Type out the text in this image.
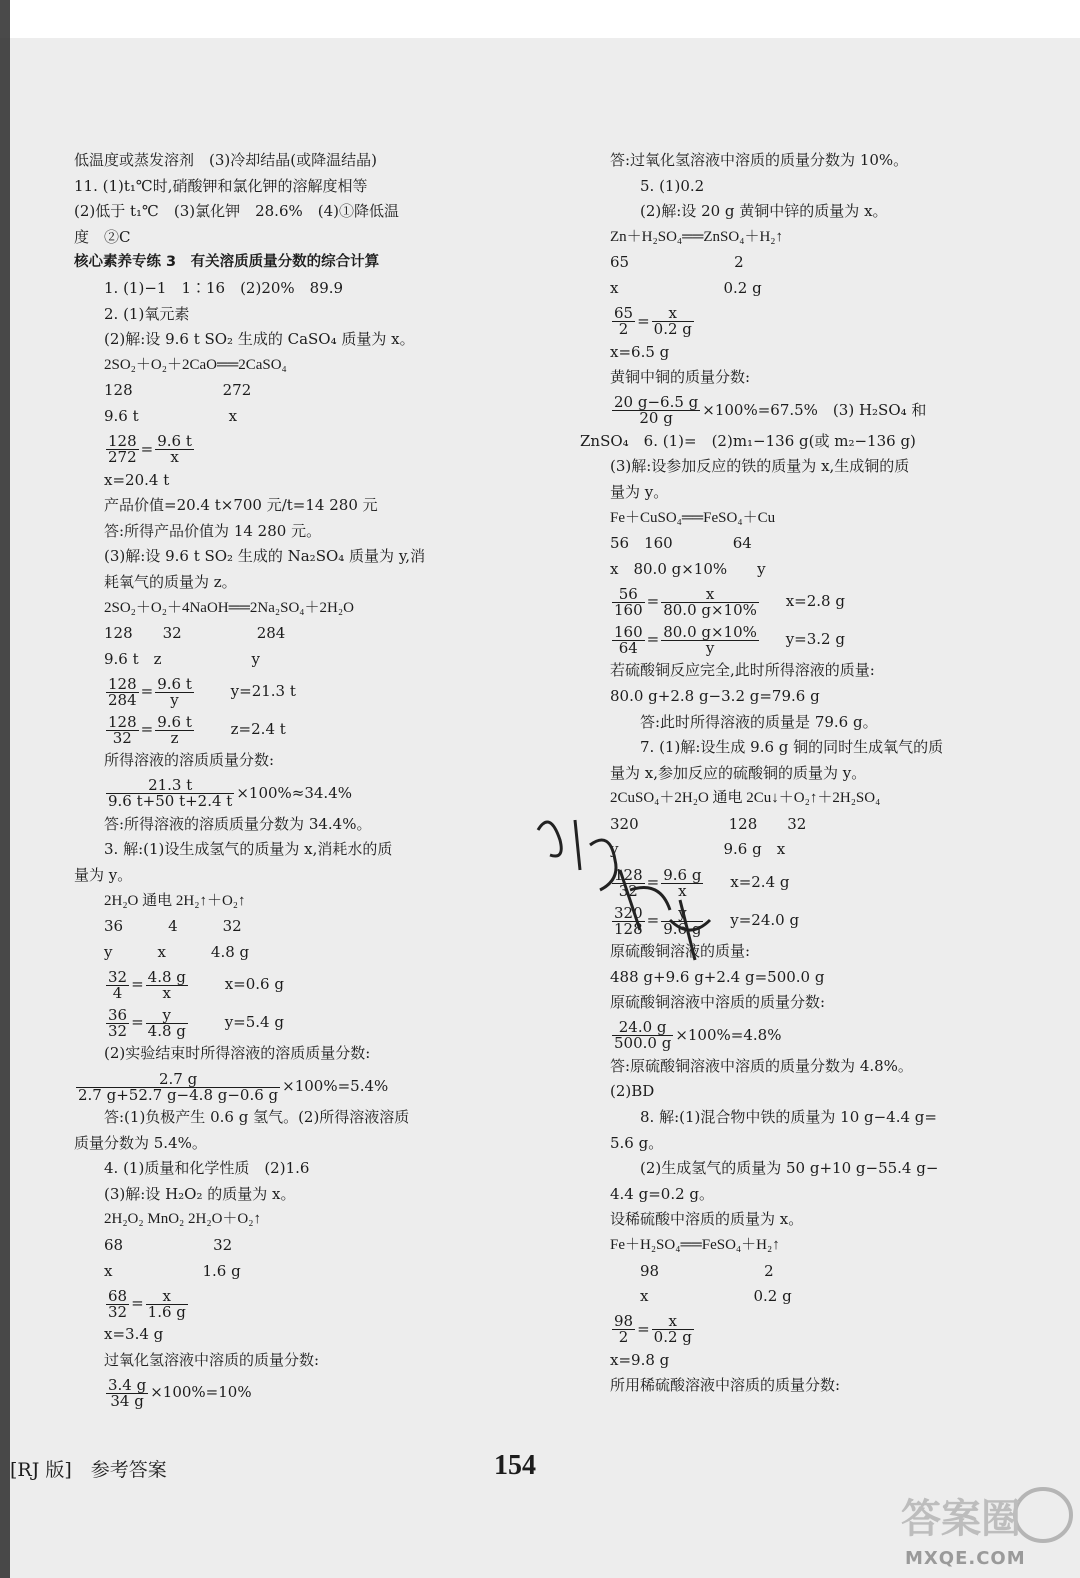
低温度或蒸发溶剂　(3)冷却结晶(或降温结晶)
11. (1)t₁℃时,硝酸钾和氯化钾的溶解度相等
(2)低于 t₁℃　(3)氯化钾　28.6%　(4)①降低温
度　②C
核心素养专练 3　有关溶质质量分数的综合计算
1. (1)−1　1∶16　(2)20%　89.9
2. (1)氧元素
(2)解:设 9.6 t SO₂ 生成的 CaSO₄ 质量为 x。
2SO₂＋O₂＋2CaO══2CaSO₄
128　　　　　　272
9.6 t　　　　　　x
$\frac{128}{272} = \frac{9.6 t}{x}$
x=20.4 t
产品价值=20.4 t×700 元/t=14 280 元
答:所得产品价值为 14 280 元。
(3)解:设 9.6 t SO₂ 生成的 Na₂SO₄ 质量为 y,消
耗氧气的质量为 z。
2SO₂＋O₂＋4NaOH══2Na₂SO₄＋2H₂O
128　　32　　　　　284
9.6 t　z　　　　　　y
$\frac{128}{284} = \frac{9.6 t}{y} y=21.3$ t
$\frac{128}{32} = \frac{9.6 t}{z} z=2.4$ t
所得溶液的溶质质量分数:
$\frac{21.3 t}{9.6 t+50 t+2.4 t} \times 100\%\approx 34.4\%$
答:所得溶液的溶质质量分数为 34.4%。
3. 解:(1)设生成氢气的质量为 x,消耗水的质
量为 y。
2H₂O 通电 2H₂↑＋O₂↑
36　　　4　　　32
y　　　x　　　4.8 g
$\frac{32}{4} = \frac{4.8 g}{x} x=0.6$ g
$\frac{36}{32} = \frac{y}{4.8 g} y=5.4$ g
(2)实验结束时所得溶液的溶质质量分数:
$\frac{2.7 g}{2.7 g+52.7 g-4.8 g-0.6 g} \times 100\%=5.4\%$
答:(1)负极产生 0.6 g 氢气。(2)所得溶液溶质
质量分数为 5.4%。
4. (1)质量和化学性质　(2)1.6
(3)解:设 H₂O₂ 的质量为 x。
2H₂O₂ MnO₂ 2H₂O＋O₂↑
68　　　　　　32
x　　　　　　1.6 g
$\frac{68}{32} = \frac{x}{1.6 g}$
x=3.4 g
过氧化氢溶液中溶质的质量分数:
$\frac{3.4 g}{34 g} \times 100\%=10\%$
答:过氧化氢溶液中溶质的质量分数为 10%。
5. (1)0.2
(2)解:设 20 g 黄铜中锌的质量为 x。
Zn＋H₂SO₄══ZnSO₄＋H₂↑
65　　　　　　　2
x　　　　　　　0.2 g
$\frac{65}{2} = \frac{x}{0.2 g}$
x=6.5 g
黄铜中铜的质量分数:
$\frac{20 g-6.5 g}{20 g} \times 100\%=67.5\%$　(3) H₂SO₄ 和
ZnSO₄　6. (1)=　(2)m₁−136 g(或 m₂−136 g)
(3)解:设参加反应的铁的质量为 x,生成铜的质
量为 y。
Fe＋CuSO₄══FeSO₄＋Cu
56　160　　　　64
x　80.0 g×10%　　y
$\frac{56}{160} = \frac{x}{80.0 g\times 10\%} x=2.8$ g
$\frac{160}{64} = \frac{80.0 g\times 10\%}{y} y=3.2$ g
若硫酸铜反应完全,此时所得溶液的质量:
80.0 g+2.8 g−3.2 g=79.6 g
答:此时所得溶液的质量是 79.6 g。
7. (1)解:设生成 9.6 g 铜的同时生成氧气的质
量为 x,参加反应的硫酸铜的质量为 y。
2CuSO₄＋2H₂O 通电 2Cu↓＋O₂↑＋2H₂SO₄
320　　　　　　128　　32
y　　　　　　　9.6 g　x
$\frac{128}{32} = \frac{9.6 g}{x} x=2.4$ g
$\frac{320}{128} = \frac{y}{9.6 g} y=24.0$ g
原硫酸铜溶液的质量:
488 g+9.6 g+2.4 g=500.0 g
原硫酸铜溶液中溶质的质量分数:
$\frac{24.0 g}{500.0 g} \times 100\%=4.8\%$
答:原硫酸铜溶液中溶质的质量分数为 4.8%。
(2)BD
8. 解:(1)混合物中铁的质量为 10 g−4.4 g=
5.6 g。
(2)生成氢气的质量为 50 g+10 g−55.4 g−
4.4 g=0.2 g。
设稀硫酸中溶质的质量为 x。
Fe＋H₂SO₄══FeSO₄＋H₂↑
98　　　　　　　2
x　　　　　　　0.2 g
$\frac{98}{2} = \frac{x}{0.2 g}$
x=9.8 g
所用稀硫酸溶液中溶质的质量分数:
[RJ 版]　参考答案	154
答案圈
MXQE.COM
